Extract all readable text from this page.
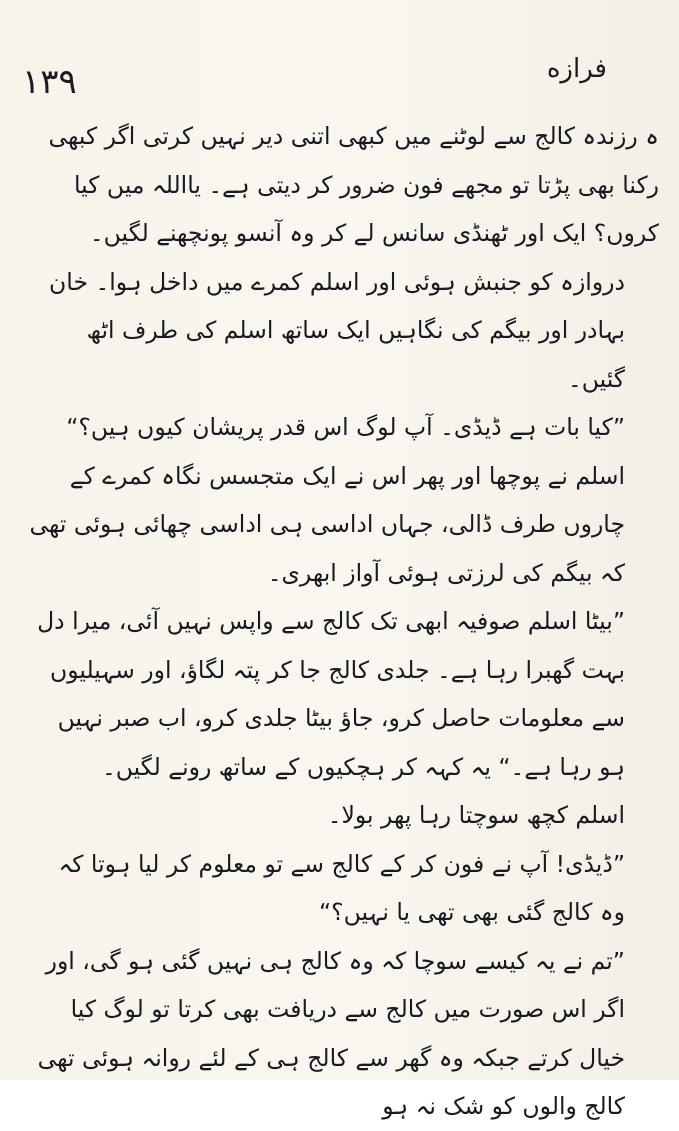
١٣٩	فرازه

ہ رزندہ کالج سے لوٹنے میں کبھی اتنی دیر نہیں کرتی اگر کبھی رکنا بھی پڑتا تو مجھے فون ضرور کر دیتی ہے۔ یااللہ میں کیا کروں؟ ایک اور ٹھنڈی سانس لے کر وہ آنسو پونچھنے لگیں۔

دروازہ کو جنبش ہوئی اور اسلم کمرے میں داخل ہوا۔ خان بہادر اور بیگم کی نگاہیں ایک ساتھ اسلم کی طرف اٹھ گئیں۔

”کیا بات ہے ڈیڈی۔ آپ لوگ اس قدر پریشان کیوں ہیں؟“ اسلم نے پوچھا اور پھر اس نے ایک متجسس نگاہ کمرے کے چاروں طرف ڈالی، جہاں اداسی ہی اداسی چھائی ہوئی تھی کہ بیگم کی لرزتی ہوئی آواز ابھری۔

”بیٹا اسلم صوفیہ ابھی تک کالج سے واپس نہیں آئی، میرا دل بہت گھبرا رہا ہے۔ جلدی کالج جا کر پتہ لگاؤ، اور سہیلیوں سے معلومات حاصل کرو، جاؤ بیٹا جلدی کرو، اب صبر نہیں ہو رہا ہے۔“ یہ کہہ کر ہچکیوں کے ساتھ رونے لگیں۔

اسلم کچھ سوچتا رہا پھر بولا۔

”ڈیڈی! آپ نے فون کر کے کالج سے تو معلوم کر لیا ہوتا کہ وہ کالج گئی بھی تھی یا نہیں؟“

”تم نے یہ کیسے سوچا کہ وہ کالج ہی نہیں گئی ہو گی، اور اگر اس صورت میں کالج سے دریافت بھی کرتا تو لوگ کیا خیال کرتے جبکہ وہ گھر سے کالج ہی کے لئے روانہ ہوئی تھی کالج والوں کو شک نہ ہو
